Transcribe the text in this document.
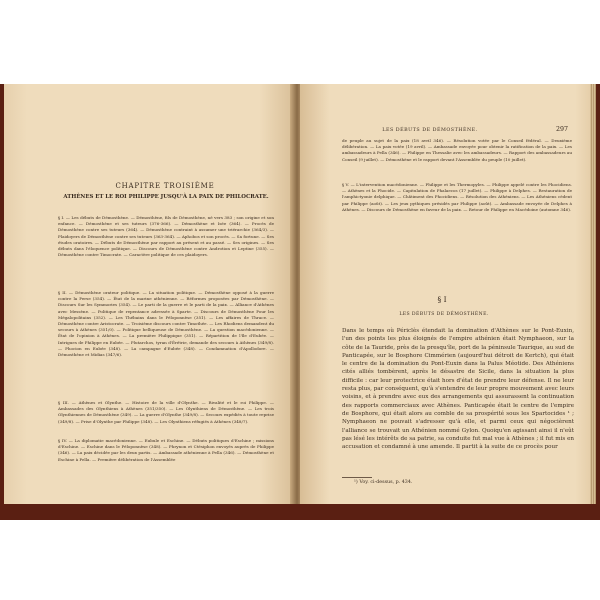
CHAPITRE TROISIÈME
ATHÈNES ET LE ROI PHILIPPE JUSQU'À LA PAIX DE PHILOCRATE.

§ I. — Les débuts de Démosthène. — Démosthène, fils de Démosthène, né vers 383 ; son origine et son enfance. — Démosthène et ses tuteurs (376-366). — Démosthène et Isée (364). — Procès de Démosthène contre ses tuteurs (364). — Démosthène contraint à assumer une triérarchie (364/3). — Plaidoyers de Démosthène contre ses tuteurs (363-364). — Aphobos et son procès. — Sa fortune. — Ses études oratoires. — Débuts de Démosthène par rapport au présent et au passé. — Ses origines. — Ses débuts dans l'éloquence politique. — Discours de Démosthène contre Androtion et Leptine (355). — Démosthène contre Timocrate. — Caractère politique de ces plaidoyers.

§ II. — Démosthène orateur politique. — La situation politique. — Démosthène opposé à la guerre contre la Perse (354). — État de la marine athénienne. — Réformes proposées par Démosthène. — Discours Sur les Symmories (354). — Le parti de la guerre et le parti de la paix. — Alliance d'Athènes avec Messène. — Politique de repentance adressée à Sparte. — Discours de Démosthène Pour les Mégalopolitains (352). — Les Thébains dans le Péloponnèse (351). — Les affaires de Thrace. — Démosthène contre Aristocrate. — Troisième discours contre Timothée. — Les Rhodiens demandent du secours à Athènes (351/0). — Politique belliqueuse de Démosthène. — La question macédonienne. — État de l'opinion à Athènes. — La première Philippique (351). — Répartition de l'île d'Eubée. — Intrigues de Philippe en Eubée. — Plutarchos, tyran d'Érétrie, demande des secours à Athènes (349/8). — Phocion en Eubée (348). — La campagne d'Eubée (348). — Condamnation d'Apollodore. — Démosthène et Midias (347/6).

§ III. — Athènes et Olynthe. — Histoire de la ville d'Olynthe. — Rivalité et le roi Philippe. — Ambassades des Olynthiens à Athènes (351/350). — Les Olynthiens de Démosthène. — Les trois Olynthiennes de Démosthène (349). — La guerre d'Olynthe (349/8). — Secours expédiés à toute reprise (349/8). — Prise d'Olynthe par Philippe (348). — Les Olynthiens réfugiés à Athènes (348/7).

§ IV. — La diplomatie macédonienne. — Eubule et Eschine. — Débuts politiques d'Eschine ; missions d'Eschine. — Eschine dans le Péloponnèse (348). — Phrynon et Ctésiphon envoyés auprès de Philippe (346). — La paix décidée par les deux partis. — Ambassade athénienne à Pella (346). — Démosthène et Eschine à Pella. — Première délibération de l'Assemblée

LES DÉBUTS DE DÉMOSTHÈNE.	297

de peuple au sujet de la paix (18 avril 346). — Résolution votée par le Conseil fédéral. — Deuxième délibération. — La paix votée (19 avril). — Ambassade envoyée pour obtenir la ratification de la paix. — Les ambassadeurs à Pella (346). — Philippe en Thessalie avec les ambassadeurs. — Rapport des ambassadeurs au Conseil (9 juillet). — Démosthène et le rapport devant l'Assemblée du peuple (10 juillet).

§ V. — L'intervention macédonienne. — Philippe et les Thermopyles. — Philippe appelé contre les Phocidiens. — Athènes et la Phocide. — Capitulation de Phalaecos (17 juillet). — Philippe à Delphes. — Restauration de l'amphictyonie delphique. — Châtiment des Phocidiens. — Résolution des Athéniens. — Les Athéniens cèdent par Philippe (août). — Les jeux pythiques présidés par Philippe (août). — Ambassade envoyée de Delphes à Athènes. — Discours de Démosthène en faveur de la paix. — Retour de Philippe en Macédoine (automne 346).

§ I
LES DÉBUTS DE DÉMOSTHÈNE.
Dans le temps où Périclès étendait la domination d'Athènes sur le Pont-Euxin, l'un des points les plus éloignés de l'empire athénien était Nymphaeon, sur la côte de la Tauride, près de la presqu'île, port de la péninsule Taurique, au sud de Panticapée, sur le Bosphore Cimmérien (aujourd'hui détroit de Kertch), qui était le centre de la domination du Pont-Euxin dans la Palus Méotide. Des Athéniens cités alliés tombèrent, après le désastre de Sicile, dans la situation la plus difficile : car leur protectrice était hors d'état de prendre leur défense. Il ne leur resta plus, par conséquent, qu'à s'entendre de leur propre mouvement avec leurs voisins, et à prendre avec eux des arrangements qui assurassent la continuation des rapports commerciaux avec Athènes. Panticapée était le centre de l'empire de Bosphore, qui était alors au comble de sa prospérité sous les Spartocides ¹ ; Nymphaeon ne pouvait s'adresser qu'à elle, et parmi ceux qui négocièrent l'alliance se trouvait un Athénien nommé Gylon. Quoiqu'en agissant ainsi il n'eût pas lésé les intérêts de sa patrie, sa conduite fut mal vue à Athènes ; il fut mis en accusation et condamné à une amende. Il partit à la suite de ce procès pour
¹) Voy. ci-dessus, p. 434.
